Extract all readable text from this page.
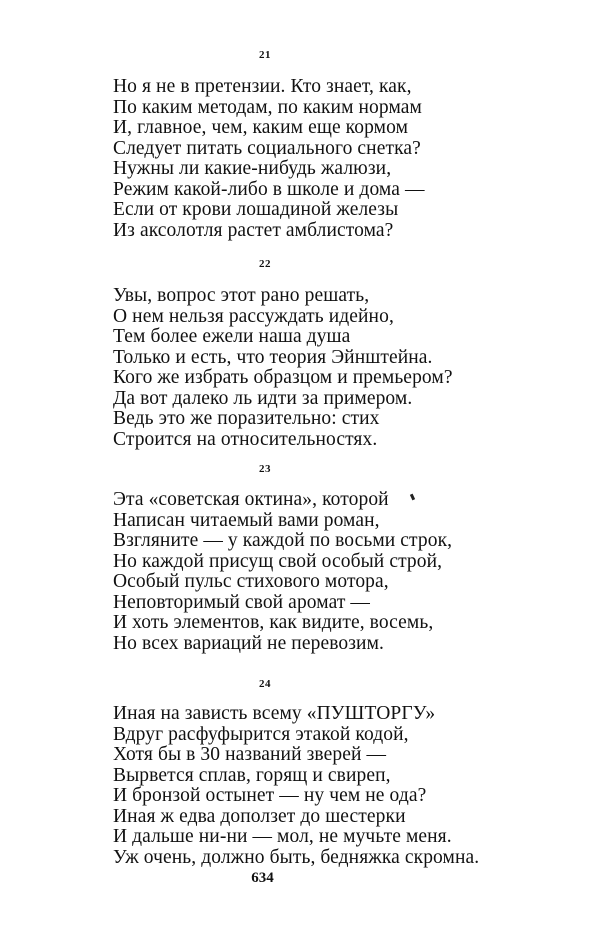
21
Но я не в претензии. Кто знает, как,
По каким методам, по каким нормам
И, главное, чем, каким еще кормом
Следует питать социального снетка?
Нужны ли какие-нибудь жалюзи,
Режим какой-либо в школе и дома —
Если от крови лошадиной железы
Из аксолотля растет амблистома?
22
Увы, вопрос этот рано решать,
О нем нельзя рассуждать идейно,
Тем более ежели наша душа
Только и есть, что теория Эйнштейна.
Кого же избрать образцом и премьером?
Да вот далеко ль идти за примером.
Ведь это же поразительно: стих
Строится на относительностях.
23
Эта «советская октина», которой
Написан читаемый вами роман,
Взгляните — у каждой по восьми строк,
Но каждой присущ свой особый строй,
Особый пульс стихового мотора,
Неповторимый свой аромат —
И хоть элементов, как видите, восемь,
Но всех вариаций не перевозим.
24
Иная на зависть всему «ПУШТОРГУ»
Вдруг расфуфырится этакой кодой,
Хотя бы в 30 названий зверей —
Вырвется сплав, горящ и свиреп,
И бронзой остынет — ну чем не ода?
Иная ж едва доползет до шестерки
И дальше ни-ни — мол, не мучьте меня.
Уж очень, должно быть, бедняжка скромна.
634
